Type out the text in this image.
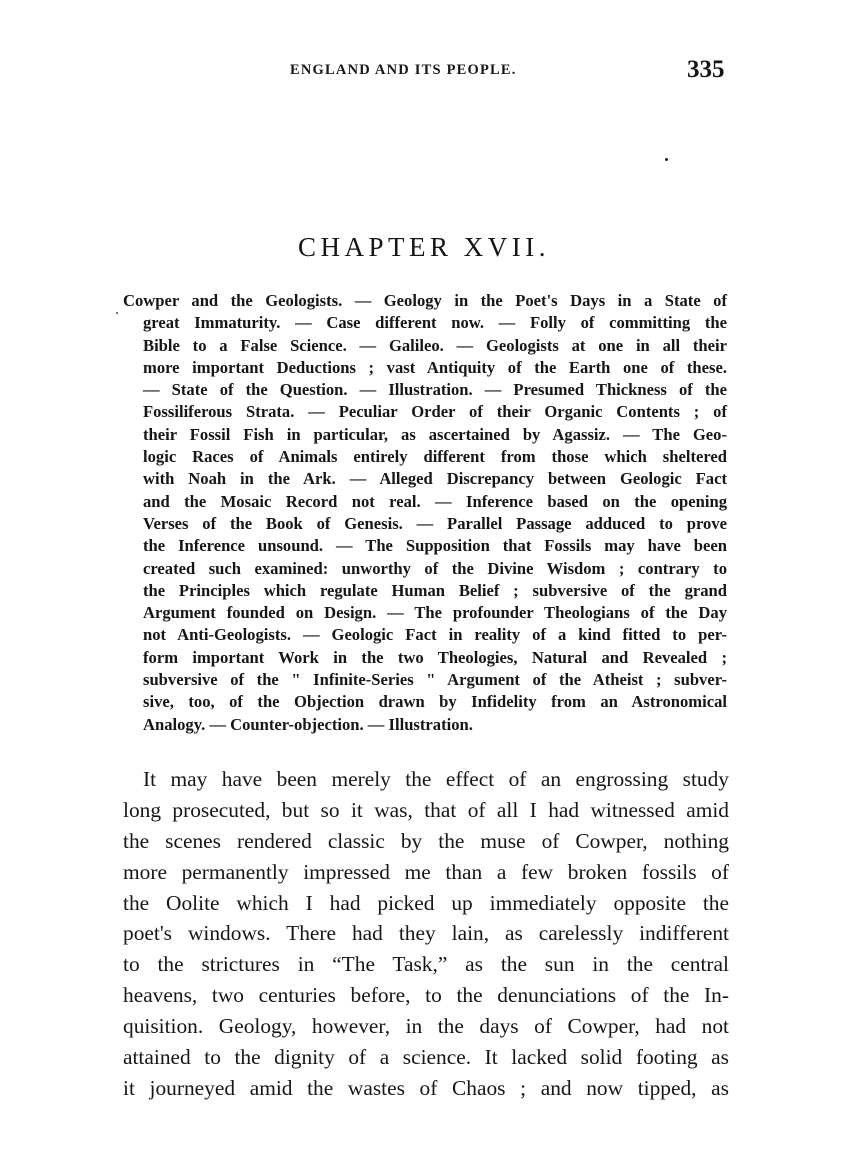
ENGLAND AND ITS PEOPLE.	335
CHAPTER XVII.
Cowper and the Geologists. — Geology in the Poet's Days in a State of
great Immaturity. — Case different now. — Folly of committing the
Bible to a False Science. — Galileo. — Geologists at one in all their
more important Deductions ; vast Antiquity of the Earth one of these.
— State of the Question. — Illustration. — Presumed Thickness of the
Fossiliferous Strata. — Peculiar Order of their Organic Contents ; of
their Fossil Fish in particular, as ascertained by Agassiz. — The Geo-
logic Races of Animals entirely different from those which sheltered
with Noah in the Ark. — Alleged Discrepancy between Geologic Fact
and the Mosaic Record not real. — Inference based on the opening
Verses of the Book of Genesis. — Parallel Passage adduced to prove
the Inference unsound. — The Supposition that Fossils may have been
created such examined: unworthy of the Divine Wisdom ; contrary to
the Principles which regulate Human Belief ; subversive of the grand
Argument founded on Design. — The profounder Theologians of the Day
not Anti-Geologists. — Geologic Fact in reality of a kind fitted to per-
form important Work in the two Theologies, Natural and Revealed ;
subversive of the " Infinite-Series " Argument of the Atheist ; subver-
sive, too, of the Objection drawn by Infidelity from an Astronomical
Analogy. — Counter-objection. — Illustration.
It may have been merely the effect of an engrossing study
long prosecuted, but so it was, that of all I had witnessed amid
the scenes rendered classic by the muse of Cowper, nothing
more permanently impressed me than a few broken fossils of
the Oolite which I had picked up immediately opposite the
poet's windows. There had they lain, as carelessly indifferent
to the strictures in “The Task,” as the sun in the central
heavens, two centuries before, to the denunciations of the In-
quisition. Geology, however, in the days of Cowper, had not
attained to the dignity of a science. It lacked solid footing as
it journeyed amid the wastes of Chaos ; and now tipped, as
